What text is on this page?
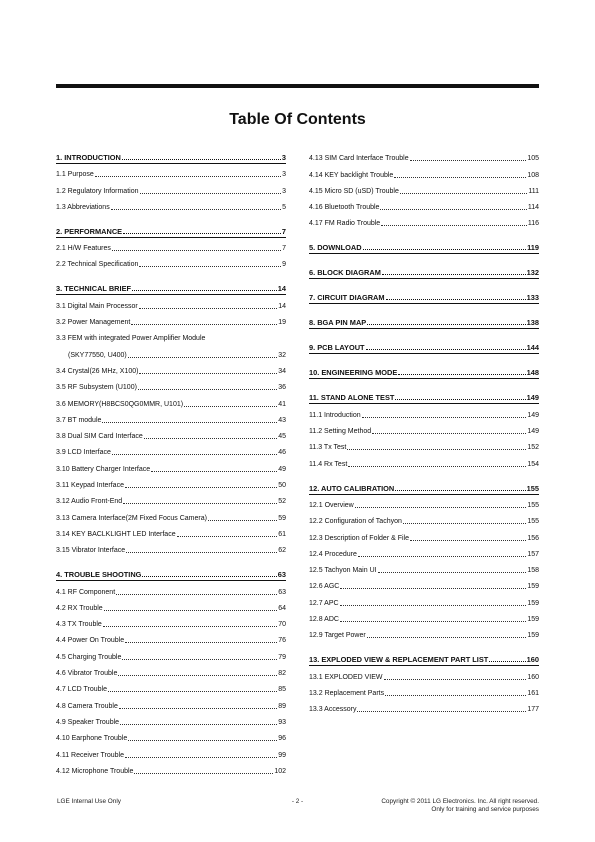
Table Of Contents
1. INTRODUCTION	3
1.1 Purpose	3
1.2 Regulatory Information	3
1.3 Abbreviations	5
2. PERFORMANCE	7
2.1 H/W Features	7
2.2 Technical Specification	9
3. TECHNICAL BRIEF	14
3.1 Digital Main Processor	14
3.2 Power Management	19
3.3 FEM with integrated Power Amplifier Module
(SKY77550, U400)	32
3.4 Crystal(26 MHz, X100)	34
3.5 RF Subsystem (U100)	36
3.6 MEMORY(H8BCS0QG0MMR, U101)	41
3.7 BT module	43
3.8 Dual SIM Card Interface	45
3.9 LCD Interface	46
3.10 Battery Charger Interface	49
3.11 Keypad Interface	50
3.12 Audio Front-End	52
3.13 Camera Interface(2M Fixed Focus Camera)	59
3.14 KEY BACLKLIGHT LED Interface	61
3.15 Vibrator Interface	62
4. TROUBLE SHOOTING	63
4.1 RF Component	63
4.2 RX Trouble	64
4.3 TX Trouble	70
4.4 Power On Trouble	76
4.5 Charging Trouble	79
4.6 Vibrator Trouble	82
4.7 LCD Trouble	85
4.8 Camera Trouble	89
4.9 Speaker Trouble	93
4.10 Earphone Trouble	96
4.11 Receiver Trouble	99
4.12 Microphone Trouble	102
4.13 SIM Card Interface Trouble	105
4.14 KEY backlight Trouble	108
4.15 Micro SD (uSD) Trouble	111
4.16 Bluetooth Trouble	114
4.17 FM Radio Trouble	116
5. DOWNLOAD	119
6. BLOCK DIAGRAM	132
7. CIRCUIT DIAGRAM	133
8. BGA PIN MAP	138
9. PCB LAYOUT	144
10. ENGINEERING MODE	148
11. STAND ALONE TEST	149
11.1 Introduction	149
11.2 Setting Method	149
11.3 Tx Test	152
11.4 Rx Test	154
12. AUTO CALIBRATION	155
12.1 Overview	155
12.2 Configuration of Tachyon	155
12.3 Description of Folder & File	156
12.4 Procedure	157
12.5 Tachyon Main UI	158
12.6 AGC	159
12.7 APC	159
12.8 ADC	159
12.9 Target Power	159
13. EXPLODED VIEW & REPLACEMENT PART LIST	160
13.1 EXPLODED VIEW	160
13.2 Replacement Parts	161
13.3 Accessory	177
LGE Internal Use Only	- 2 -	Copyright © 2011 LG Electronics. Inc. All right reserved.
Only for training and service purposes
